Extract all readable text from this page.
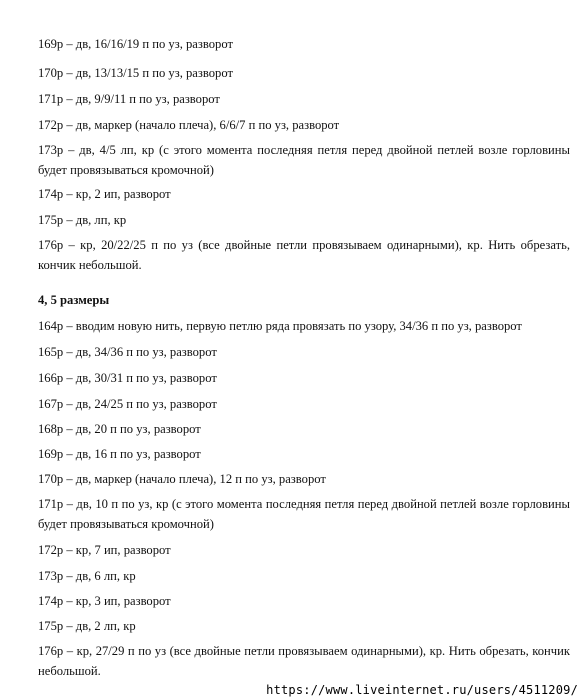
169р – дв, 16/16/19 п по уз, разворот

170р – дв, 13/13/15 п по уз, разворот

171р – дв, 9/9/11 п по уз, разворот

172р – дв, маркер (начало плеча), 6/6/7 п по уз, разворот

173р – дв, 4/5 лп, кр (с этого момента последняя петля перед двойной петлей возле горловины будет провязываться кромочной)

174р – кр, 2 ип, разворот

175р – дв, лп, кр

176р – кр, 20/22/25 п по уз (все двойные петли провязываем одинарными), кр. Нить обрезать, кончик небольшой.

4, 5 размеры

164р – вводим новую нить, первую петлю ряда провязать по узору, 34/36 п по уз, разворот

165р – дв, 34/36 п по уз, разворот

166р – дв, 30/31 п по уз, разворот

167р – дв, 24/25 п по уз, разворот

168р – дв, 20 п по уз, разворот

169р – дв, 16 п по уз, разворот

170р – дв, маркер (начало плеча), 12 п по уз, разворот

171р – дв, 10 п по уз, кр (с этого момента последняя петля перед двойной петлей возле горловины будет провязываться кромочной)

172р – кр, 7 ип, разворот

173р – дв, 6 лп, кр

174р – кр, 3 ип, разворот

175р – дв, 2 лп, кр

176р – кр, 27/29 п по уз (все двойные петли провязываем одинарными), кр. Нить обрезать, кончик небольшой.

https://www.liveinternet.ru/users/4511209/
